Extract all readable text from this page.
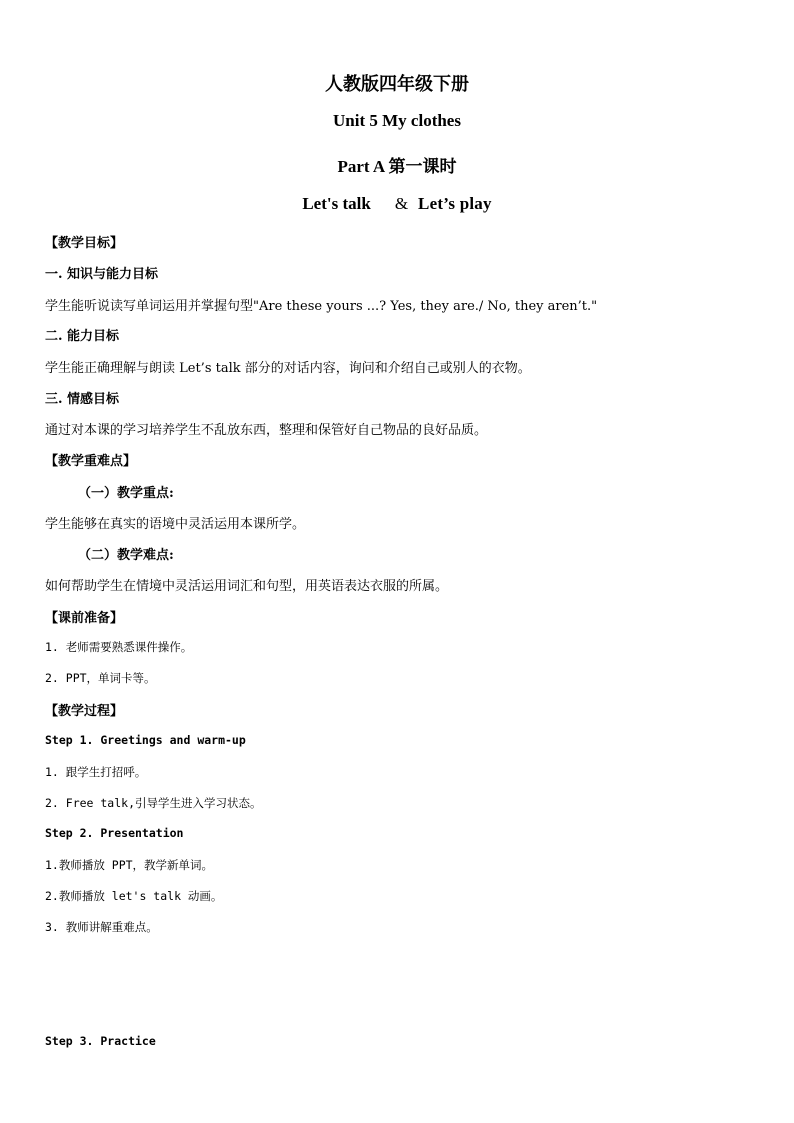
人教版四年级下册
Unit 5 My clothes
Part A 第一课时
Let's talk & Let’s play
【教学目标】
一. 知识与能力目标
学生能听说读写单词运用并掌握句型"Are these yours ...? Yes, they are./ No, they aren’t."
二. 能力目标
学生能正确理解与朗读 Let’s talk 部分的对话内容，询问和介绍自己或别人的衣物。
三. 情感目标
通过对本课的学习培养学生不乱放东西，整理和保管好自己物品的良好品质。
【教学重难点】
（一）教学重点:
学生能够在真实的语境中灵活运用本课所学。
（二）教学难点:
如何帮助学生在情境中灵活运用词汇和句型，用英语表达衣服的所属。
【课前准备】
1. 老师需要熟悉课件操作。
2. PPT，单词卡等。
【教学过程】
Step 1. Greetings and warm-up
1. 跟学生打招呼。
2. Free talk,引导学生进入学习状态。
Step 2. Presentation
1.教师播放 PPT，教学新单词。
2.教师播放 let's talk 动画。
3. 教师讲解重难点。
Step 3. Practice
